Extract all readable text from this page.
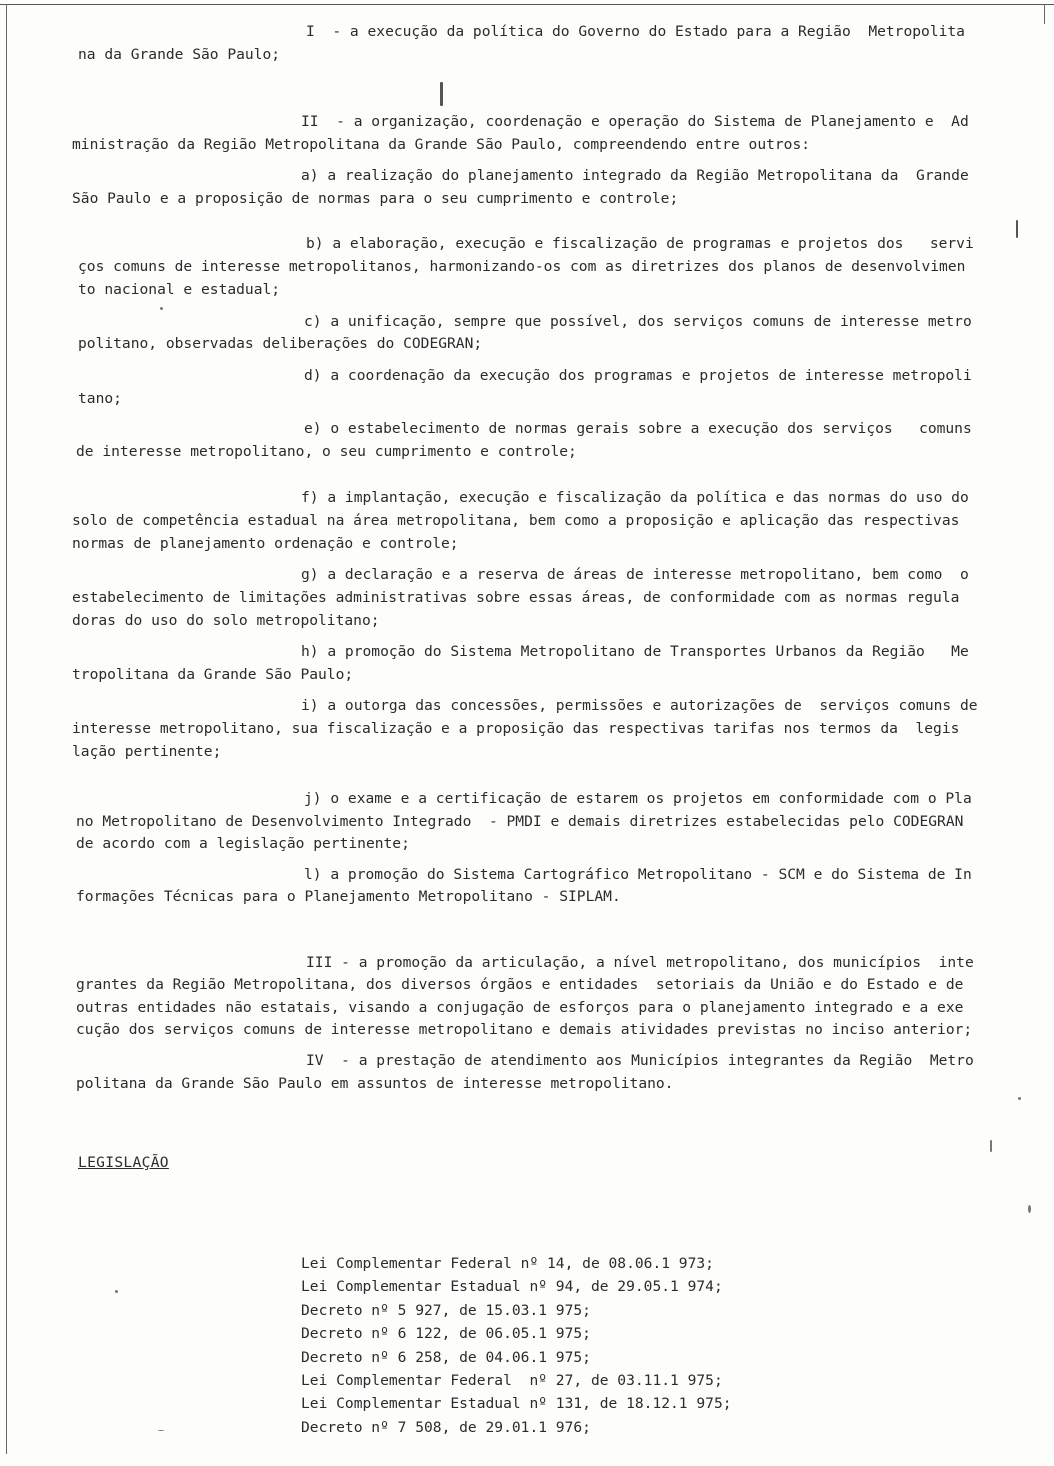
I  - a execução da política do Governo do Estado para a Região  Metropolita
na da Grande São Paulo;
II  - a organização, coordenação e operação do Sistema de Planejamento e  Ad
ministração da Região Metropolitana da Grande São Paulo, compreendendo entre outros:
a) a realização do planejamento integrado da Região Metropolitana da  Grande
São Paulo e a proposição de normas para o seu cumprimento e controle;
b) a elaboração, execução e fiscalização de programas e projetos dos   servi
ços comuns de interesse metropolitanos, harmonizando-os com as diretrizes dos planos de desenvolvimen
to nacional e estadual;
c) a unificação, sempre que possível, dos serviços comuns de interesse metro
politano, observadas deliberações do CODEGRAN;
d) a coordenação da execução dos programas e projetos de interesse metropoli
tano;
e) o estabelecimento de normas gerais sobre a execução dos serviços   comuns
de interesse metropolitano, o seu cumprimento e controle;
f) a implantação, execução e fiscalização da política e das normas do uso do
solo de competência estadual na área metropolitana, bem como a proposição e aplicação das respectivas
normas de planejamento ordenação e controle;
g) a declaração e a reserva de áreas de interesse metropolitano, bem como  o
estabelecimento de limitações administrativas sobre essas áreas, de conformidade com as normas regula
doras do uso do solo metropolitano;
h) a promoção do Sistema Metropolitano de Transportes Urbanos da Região   Me
tropolitana da Grande São Paulo;
i) a outorga das concessões, permissões e autorizações de  serviços comuns de
interesse metropolitano, sua fiscalização e a proposição das respectivas tarifas nos termos da  legis
lação pertinente;
j) o exame e a certificação de estarem os projetos em conformidade com o Pla
no Metropolitano de Desenvolvimento Integrado  - PMDI e demais diretrizes estabelecidas pelo CODEGRAN
de acordo com a legislação pertinente;
l) a promoção do Sistema Cartográfico Metropolitano - SCM e do Sistema de In
formações Técnicas para o Planejamento Metropolitano - SIPLAM.
III - a promoção da articulação, a nível metropolitano, dos municípios  inte
grantes da Região Metropolitana, dos diversos órgãos e entidades  setoriais da União e do Estado e de
outras entidades não estatais, visando a conjugação de esforços para o planejamento integrado e a exe
cução dos serviços comuns de interesse metropolitano e demais atividades previstas no inciso anterior;
IV  - a prestação de atendimento aos Municípios integrantes da Região  Metro
politana da Grande São Paulo em assuntos de interesse metropolitano.
LEGISLAÇÃO
Lei Complementar Federal nº 14, de 08.06.1 973;
Lei Complementar Estadual nº 94, de 29.05.1 974;
Decreto nº 5 927, de 15.03.1 975;
Decreto nº 6 122, de 06.05.1 975;
Decreto nº 6 258, de 04.06.1 975;
Lei Complementar Federal  nº 27, de 03.11.1 975;
Lei Complementar Estadual nº 131, de 18.12.1 975;
Decreto nº 7 508, de 29.01.1 976;
